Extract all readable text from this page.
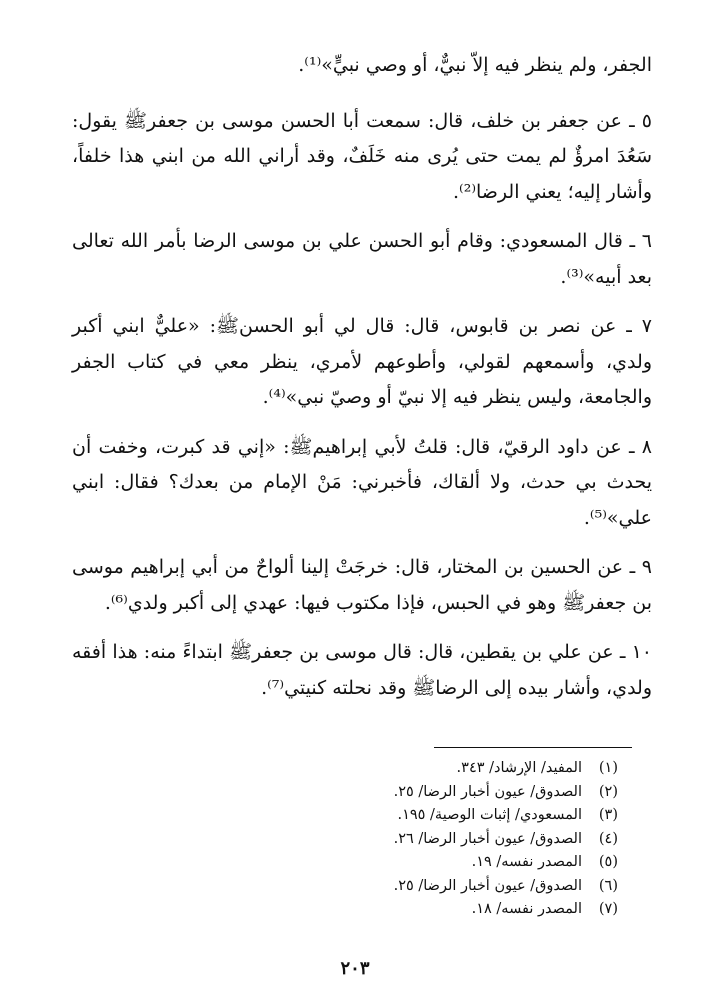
الجفر، ولم ينظر فيه إلاّ نبيٌّ، أو وصي نبيٍّ»⁽¹⁾.

٥ ـ عن جعفر بن خلف، قال: سمعت أبا الحسن موسى بن جعفرﷺ يقول: سَعُدَ امرؤٌ لم يمت حتى يُرى منه خَلَفٌ، وقد أراني الله من ابني هذا خلفاً، وأشار إليه؛ يعني الرضا⁽²⁾.

٦ ـ قال المسعودي: وقام أبو الحسن علي بن موسى الرضا بأمر الله تعالى بعد أبيه»⁽³⁾.

٧ ـ عن نصر بن قابوس، قال: قال لي أبو الحسنﷺ: «عليٌّ ابني أكبر ولدي، وأسمعهم لقولي، وأطوعهم لأمري، ينظر معي في كتاب الجفر والجامعة، وليس ينظر فيه إلا نبيّ أو وصيّ نبي»⁽⁴⁾.

٨ ـ عن داود الرقيّ، قال: قلتُ لأبي إبراهيمﷺ: «إني قد كبرت، وخفت أن يحدث بي حدث، ولا ألقاك، فأخبرني: مَنْ الإمام من بعدك؟ فقال: ابني علي»⁽⁵⁾.

٩ ـ عن الحسين بن المختار، قال: خرجَتْ إلينا ألواحٌ من أبي إبراهيم موسى بن جعفرﷺ وهو في الحبس، فإذا مكتوب فيها: عهدي إلى أكبر ولدي⁽⁶⁾.

١٠ ـ عن علي بن يقطين، قال: قال موسى بن جعفرﷺ ابتداءً منه: هذا أفقه ولدي، وأشار بيده إلى الرضاﷺ وقد نحلته كنيتي⁽⁷⁾.

(١)المفيد/ الإرشاد/ ٣٤٣.
(٢)الصدوق/ عيون أخبار الرضا/ ٢٥.
(٣)المسعودي/ إثبات الوصية/ ١٩٥.
(٤)الصدوق/ عيون أخبار الرضا/ ٢٦.
(٥)المصدر نفسه/ ١٩.
(٦)الصدوق/ عيون أخبار الرضا/ ٢٥.
(٧)المصدر نفسه/ ١٨.
٢٠٣
